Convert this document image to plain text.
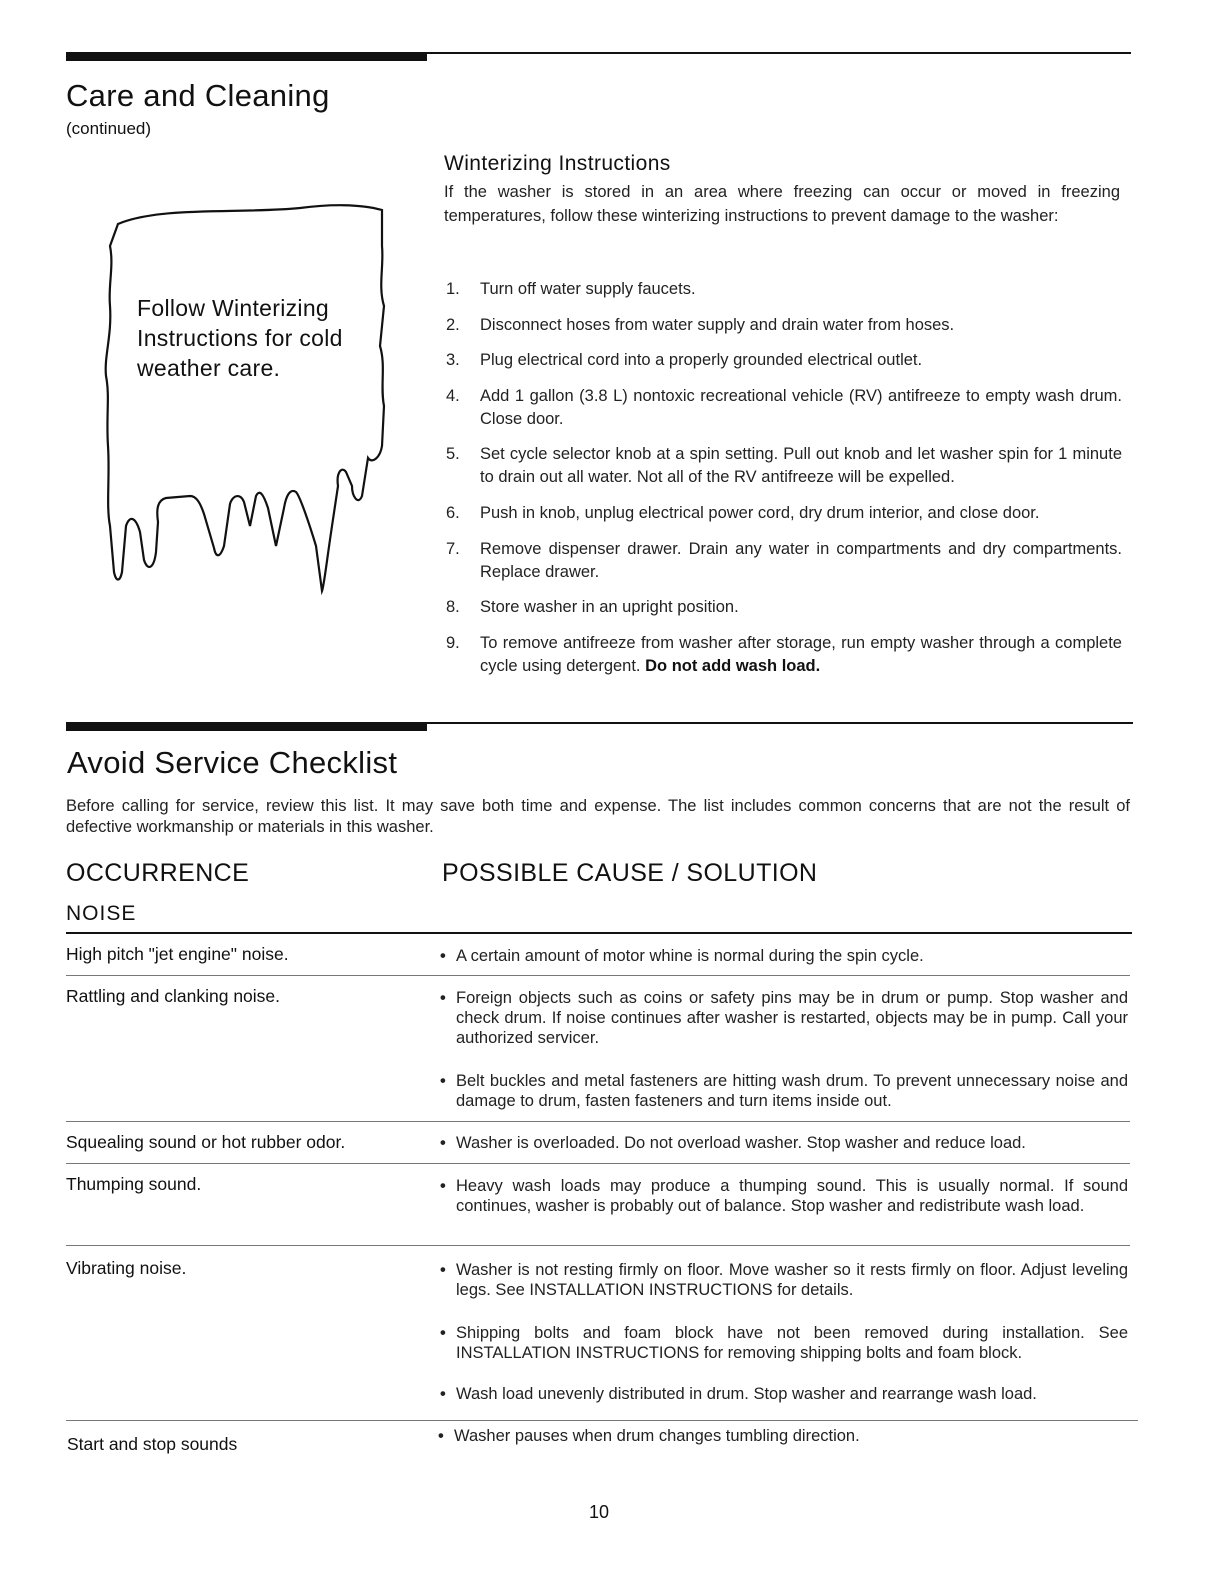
Care and Cleaning
(continued)
Follow Winterizing
Instructions for cold
weather care.
Winterizing Instructions
If the washer is stored in an area where freezing can occur or moved in freezing temperatures, follow these winterizing instructions to prevent damage to the washer:
1. Turn off water supply faucets.
2. Disconnect hoses from water supply and drain water from hoses.
3. Plug electrical cord into a properly grounded electrical outlet.
4. Add 1 gallon (3.8 L) nontoxic recreational vehicle (RV) antifreeze to empty wash drum. Close door.
5. Set cycle selector knob at a spin setting. Pull out knob and let washer spin for 1 minute to drain out all water. Not all of the RV antifreeze will be expelled.
6. Push in knob, unplug electrical power cord, dry drum interior, and close door.
7. Remove dispenser drawer. Drain any water in compartments and dry compartments. Replace drawer.
8. Store washer in an upright position.
9. To remove antifreeze from washer after storage, run empty washer through a complete cycle using detergent. Do not add wash load.
Avoid Service Checklist
Before calling for service, review this list. It may save both time and expense. The list includes common concerns that are not the result of defective workmanship or materials in this washer.
OCCURRENCE	POSSIBLE CAUSE / SOLUTION
NOISE
High pitch "jet engine" noise.	• A certain amount of motor whine is normal during the spin cycle.
Rattling and clanking noise.	• Foreign objects such as coins or safety pins may be in drum or pump. Stop washer and check drum. If noise continues after washer is restarted, objects may be in pump. Call your authorized servicer.
• Belt buckles and metal fasteners are hitting wash drum. To prevent unnecessary noise and damage to drum, fasten fasteners and turn items inside out.
Squealing sound or hot rubber odor.	• Washer is overloaded. Do not overload washer. Stop washer and reduce load.
Thumping sound.	• Heavy wash loads may produce a thumping sound. This is usually normal. If sound continues, washer is probably out of balance. Stop washer and redistribute wash load.
Vibrating noise.	• Washer is not resting firmly on floor. Move washer so it rests firmly on floor. Adjust leveling legs. See INSTALLATION INSTRUCTIONS for details.
• Shipping bolts and foam block have not been removed during installation. See INSTALLATION INSTRUCTIONS for removing shipping bolts and foam block.
• Wash load unevenly distributed in drum. Stop washer and rearrange wash load.
Start and stop sounds	• Washer pauses when drum changes tumbling direction.
10
